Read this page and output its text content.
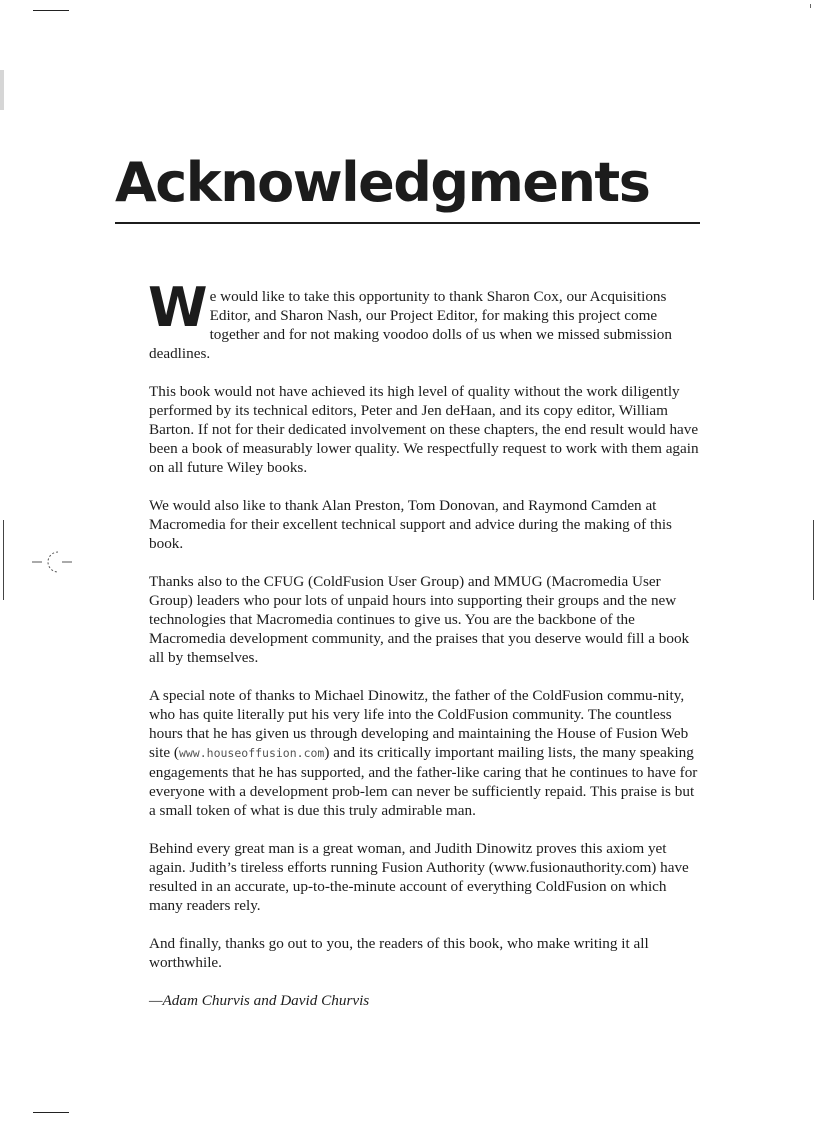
Acknowledgments

We would like to take this opportunity to thank Sharon Cox, our Acquisitions Editor, and Sharon Nash, our Project Editor, for making this project come together and for not making voodoo dolls of us when we missed submission deadlines.

This book would not have achieved its high level of quality without the work diligently performed by its technical editors, Peter and Jen deHaan, and its copy editor, William Barton. If not for their dedicated involvement on these chapters, the end result would have been a book of measurably lower quality. We respectfully request to work with them again on all future Wiley books.

We would also like to thank Alan Preston, Tom Donovan, and Raymond Camden at Macromedia for their excellent technical support and advice during the making of this book.

Thanks also to the CFUG (ColdFusion User Group) and MMUG (Macromedia User Group) leaders who pour lots of unpaid hours into supporting their groups and the new technologies that Macromedia continues to give us. You are the backbone of the Macromedia development community, and the praises that you deserve would fill a book all by themselves.

A special note of thanks to Michael Dinowitz, the father of the ColdFusion commu-nity, who has quite literally put his very life into the ColdFusion community. The countless hours that he has given us through developing and maintaining the House of Fusion Web site (www.houseoffusion.com) and its critically important mailing lists, the many speaking engagements that he has supported, and the father-like caring that he continues to have for everyone with a development prob-lem can never be sufficiently repaid. This praise is but a small token of what is due this truly admirable man.

Behind every great man is a great woman, and Judith Dinowitz proves this axiom yet again. Judith’s tireless efforts running Fusion Authority (www.fusionauthority.com) have resulted in an accurate, up-to-the-minute account of everything ColdFusion on which many readers rely.

And finally, thanks go out to you, the readers of this book, who make writing it all worthwhile.

—Adam Churvis and David Churvis
